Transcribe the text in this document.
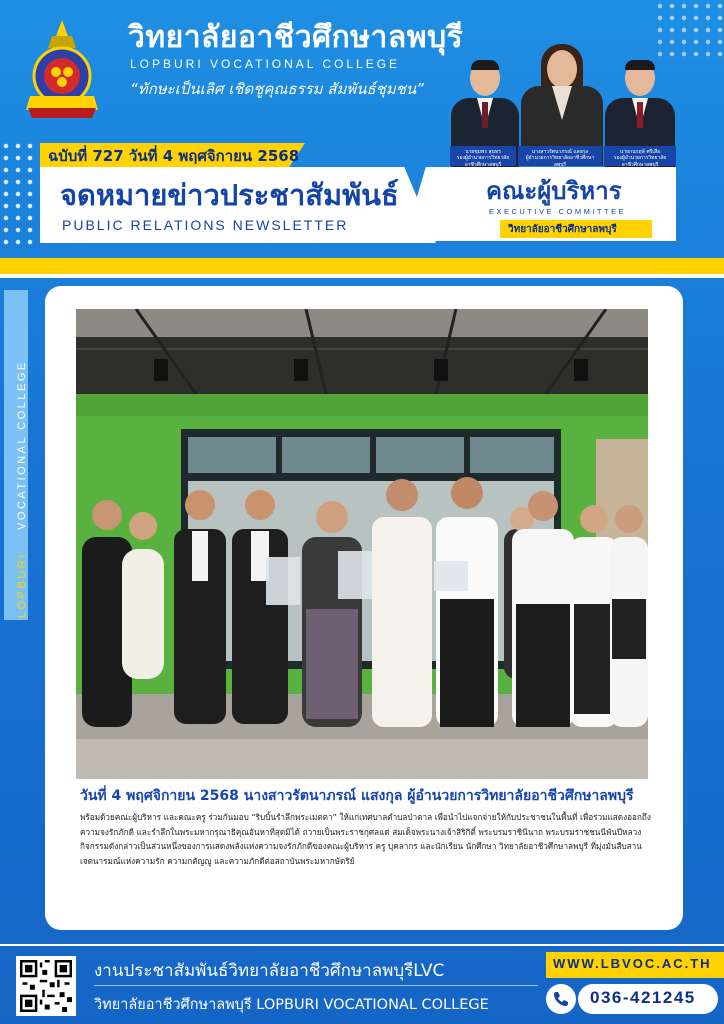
วิทยาลัยอาชีวศึกษาลพบุรี
LOPBURI VOCATIONAL COLLEGE
“ทักษะเป็นเลิศ เชิดชูคุณธรรม สัมพันธ์ชุมชน”
นายชุมพร สุนทร
รองผู้อำนวยการวิทยาลัยอาชีวศึกษาลพบุรี
นางสาวรัตนาภรณ์ แสงกุล
ผู้อำนวยการวิทยาลัยอาชีวศึกษาลพบุรี
นายกนกฤษ์ ศรีเสือ
รองผู้อำนวยการวิทยาลัยอาชีวศึกษาลพบุรี
ฉบับที่ 727 วันที่ 4 พฤศจิกายน 2568
จดหมายข่าวประชาสัมพันธ์
PUBLIC RELATIONS NEWSLETTER
คณะผู้บริหาร
EXECUTIVE COMMITTEE
วิทยาลัยอาชีวศึกษาลพบุรี
LOPBURI    VOCATIONAL COLLEGE
วันที่ 4 พฤศจิกายน 2568 นางสาวรัตนาภรณ์ แสงกุล ผู้อำนวยการวิทยาลัยอาชีวศึกษาลพบุรี
พร้อมด้วยคณะผู้บริหาร และคณะครู ร่วมกันมอบ “ริบบิ้นรำลึกพระเมตตา” ให้แก่เทศบาลตำบลป่าตาล เพื่อนำไปแจกจ่ายให้กับประชาชนในพื้นที่ เพื่อร่วมแสดงออกถึงความจงรักภักดี และรำลึกในพระมหากรุณาธิคุณอันหาที่สุดมิได้ ถวายเป็นพระราชกุศลแด่ สมเด็จพระนางเจ้าสิริกิติ์ พระบรมราชินีนาถ พระบรมราชชนนีพันปีหลวงกิจกรรมดังกล่าวเป็นส่วนหนึ่งของการแสดงพลังแห่งความจงรักภักดีของคณะผู้บริหาร ครู บุคลากร และนักเรียน นักศึกษา วิทยาลัยอาชีวศึกษาลพบุรี ที่มุ่งมั่นสืบสานเจตนารมณ์แห่งความรัก ความกตัญญู และความภักดีต่อสถาบันพระมหากษัตริย์
งานประชาสัมพันธ์วิทยาลัยอาชีวศึกษาลพบุรีLVC
วิทยาลัยอาชีวศึกษาลพบุรี LOPBURI VOCATIONAL COLLEGE
WWW.LBVOC.AC.TH
036-421245
